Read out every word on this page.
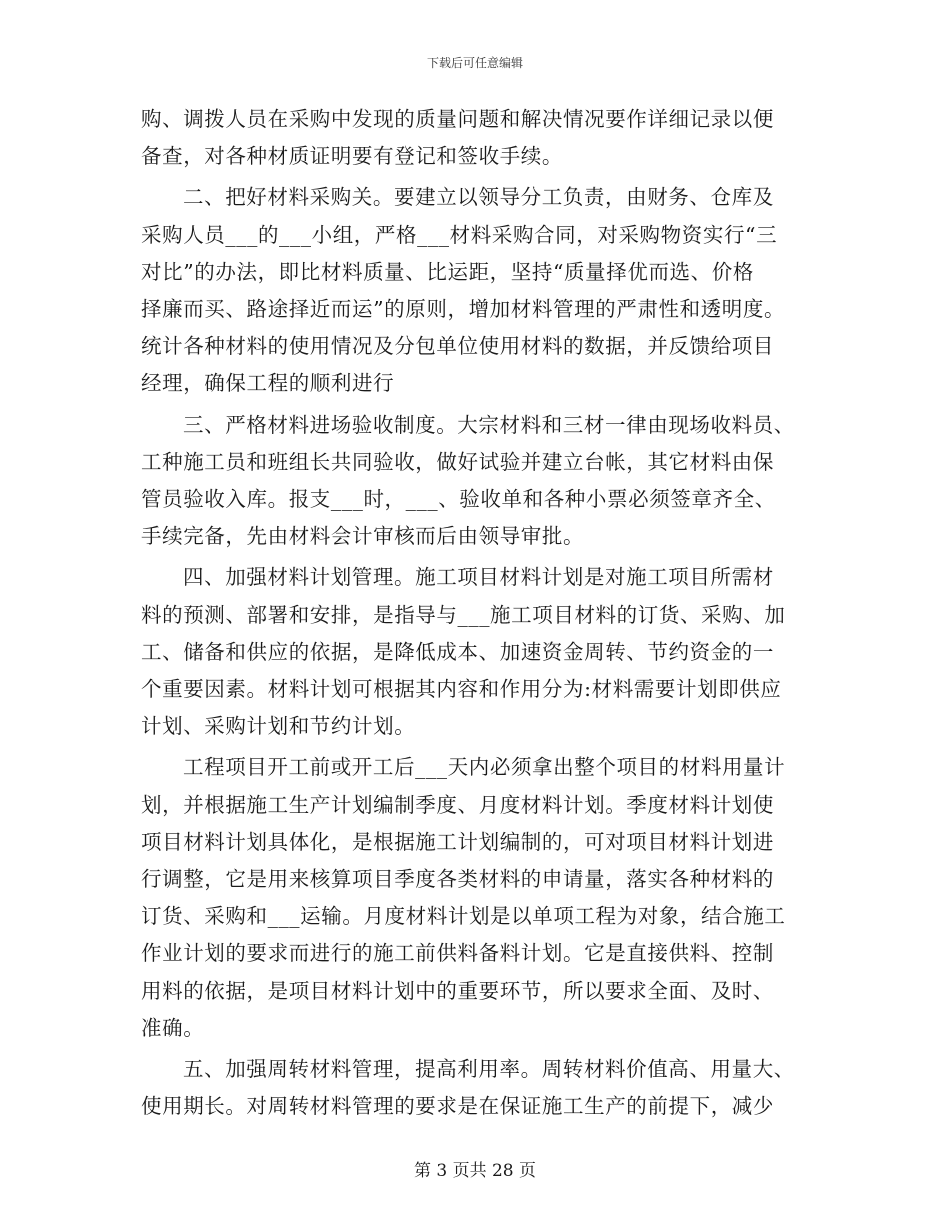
下载后可任意编辑

购、调拨人员在采购中发现的质量问题和解决情况要作详细记录以便
备查，对各种材质证明要有登记和签收手续。

二、把好材料采购关。要建立以领导分工负责，由财务、仓库及
采购人员___的___小组，严格___材料采购合同，对采购物资实行“三
对比”的办法，即比材料质量、比运距，坚持“质量择优而选、价格
择廉而买、路途择近而运”的原则，增加材料管理的严肃性和透明度。
统计各种材料的使用情况及分包单位使用材料的数据，并反馈给项目
经理，确保工程的顺利进行

三、严格材料进场验收制度。大宗材料和三材一律由现场收料员、
工种施工员和班组长共同验收，做好试验并建立台帐，其它材料由保
管员验收入库。报支___时，___、验收单和各种小票必须签章齐全、
手续完备，先由材料会计审核而后由领导审批。

四、加强材料计划管理。施工项目材料计划是对施工项目所需材
料的预测、部署和安排，是指导与___施工项目材料的订货、采购、加
工、储备和供应的依据，是降低成本、加速资金周转、节约资金的一
个重要因素。材料计划可根据其内容和作用分为:材料需要计划即供应
计划、采购计划和节约计划。

工程项目开工前或开工后___天内必须拿出整个项目的材料用量计
划，并根据施工生产计划编制季度、月度材料计划。季度材料计划使
项目材料计划具体化，是根据施工计划编制的，可对项目材料计划进
行调整，它是用来核算项目季度各类材料的申请量，落实各种材料的
订货、采购和___运输。月度材料计划是以单项工程为对象，结合施工
作业计划的要求而进行的施工前供料备料计划。它是直接供料、控制
用料的依据，是项目材料计划中的重要环节，所以要求全面、及时、
准确。

五、加强周转材料管理，提高利用率。周转材料价值高、用量大、
使用期长。对周转材料管理的要求是在保证施工生产的前提下，减少

第 3 页共 28 页
